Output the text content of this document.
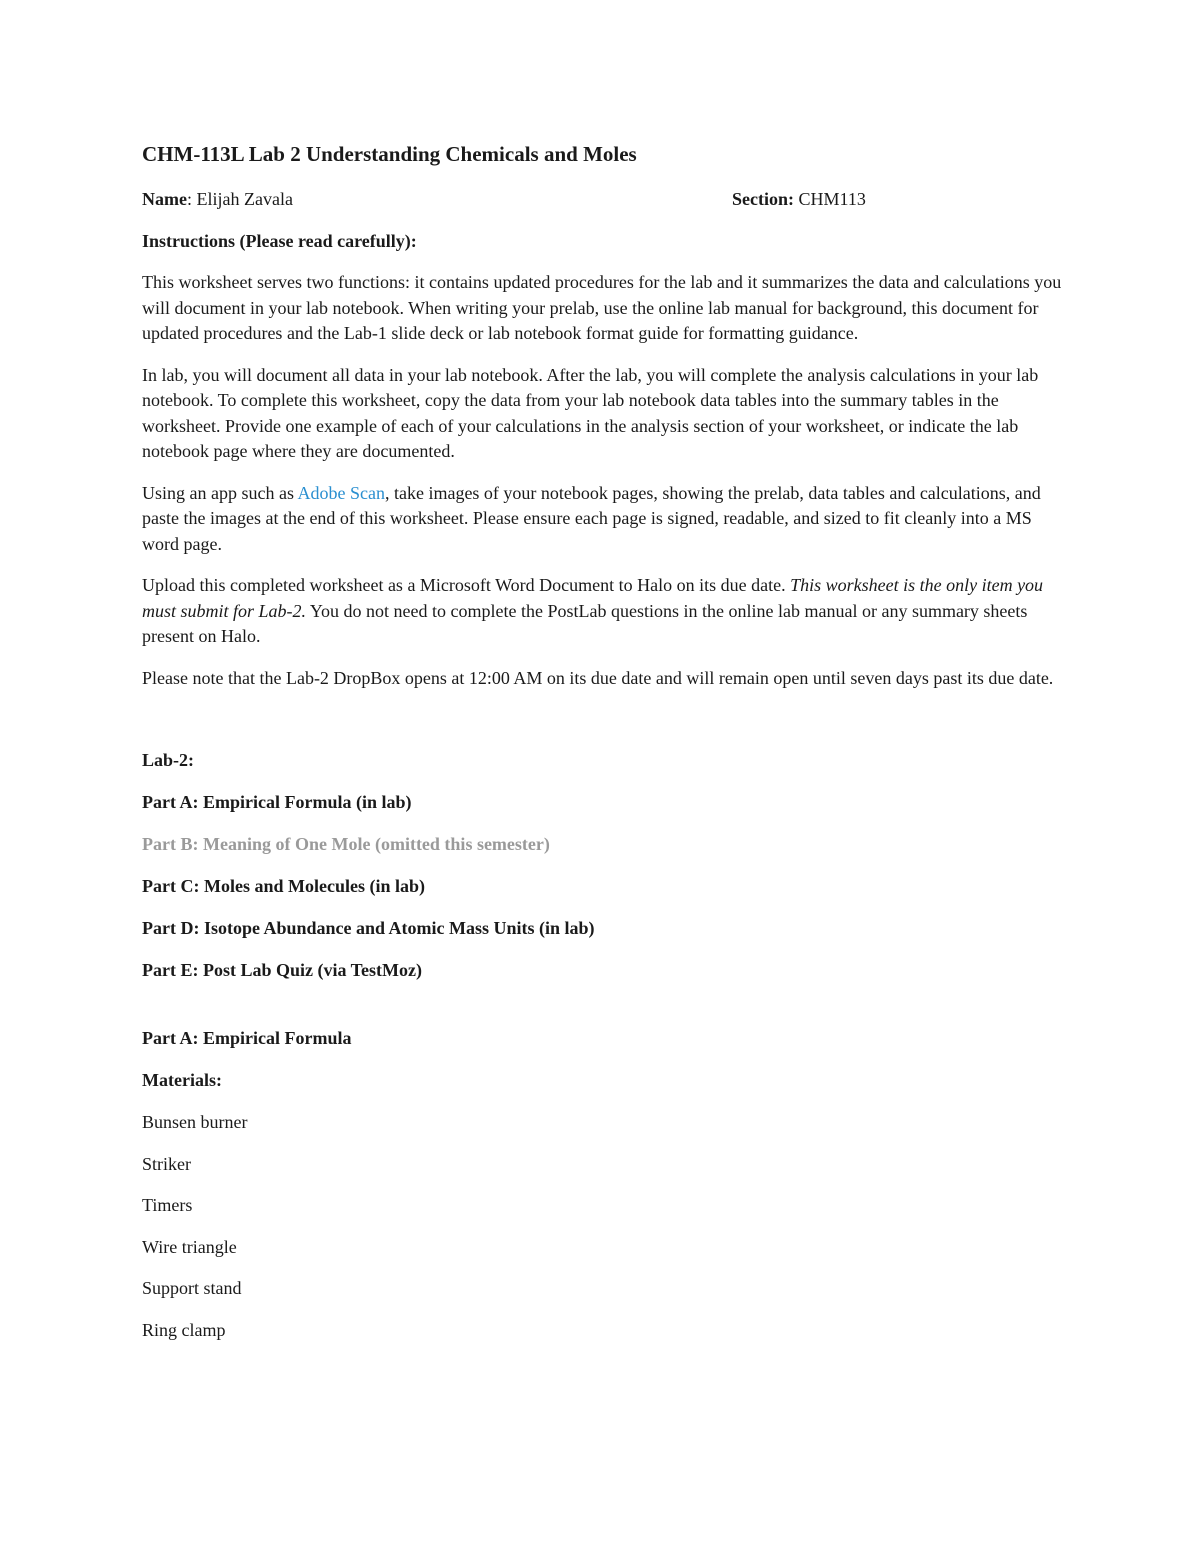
CHM-113L Lab 2 Understanding Chemicals and Moles
Name: Elijah Zavala	Section: CHM113
Instructions (Please read carefully):

This worksheet serves two functions: it contains updated procedures for the lab and it summarizes the data and calculations you will document in your lab notebook. When writing your prelab, use the online lab manual for background, this document for updated procedures and the Lab-1 slide deck or lab notebook format guide for formatting guidance.

In lab, you will document all data in your lab notebook. After the lab, you will complete the analysis calculations in your lab notebook. To complete this worksheet, copy the data from your lab notebook data tables into the summary tables in the worksheet. Provide one example of each of your calculations in the analysis section of your worksheet, or indicate the lab notebook page where they are documented.

Using an app such as Adobe Scan, take images of your notebook pages, showing the prelab, data tables and calculations, and paste the images at the end of this worksheet. Please ensure each page is signed, readable, and sized to fit cleanly into a MS word page.

Upload this completed worksheet as a Microsoft Word Document to Halo on its due date. This worksheet is the only item you must submit for Lab-2. You do not need to complete the PostLab questions in the online lab manual or any summary sheets present on Halo.

Please note that the Lab-2 DropBox opens at 12:00 AM on its due date and will remain open until seven days past its due date.

Lab-2:
Part A: Empirical Formula (in lab)
Part B: Meaning of One Mole (omitted this semester)
Part C: Moles and Molecules (in lab)
Part D: Isotope Abundance and Atomic Mass Units (in lab)
Part E: Post Lab Quiz (via TestMoz)
Part A: Empirical Formula
Materials:
Bunsen burner
Striker
Timers
Wire triangle
Support stand
Ring clamp
